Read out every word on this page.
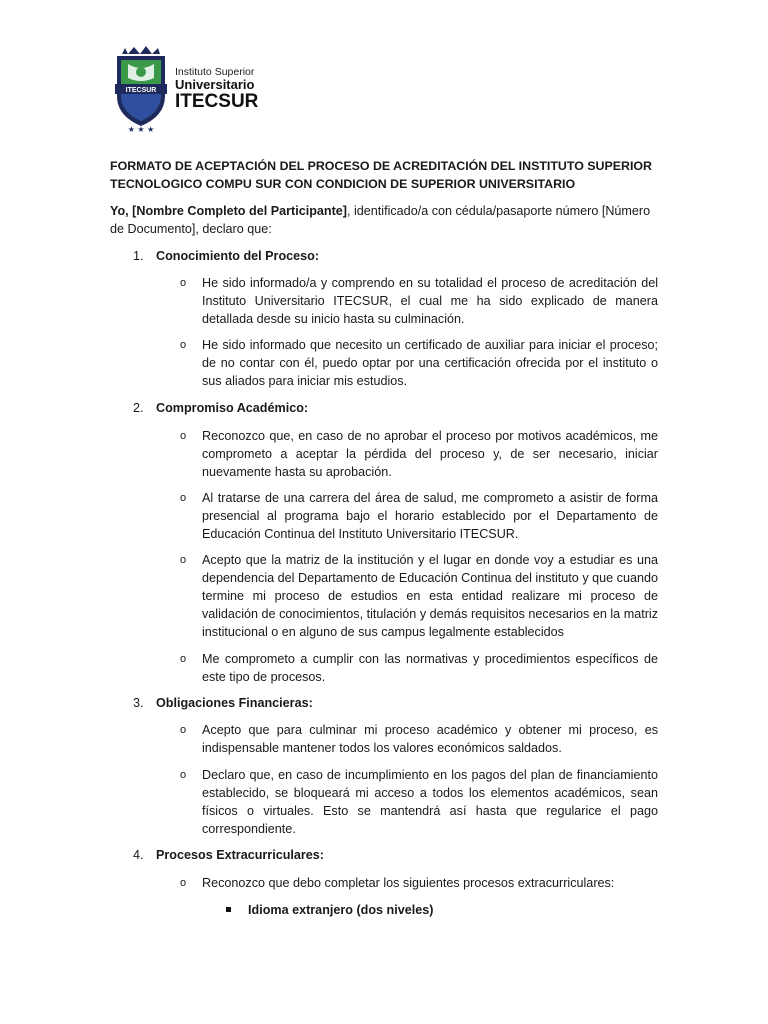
ITECSUR
★ ★ ★
Instituto Superior
Universitario
ITECSUR
FORMATO DE ACEPTACIÓN DEL PROCESO DE ACREDITACIÓN DEL INSTITUTO SUPERIOR TECNOLOGICO COMPU SUR CON CONDICION DE SUPERIOR UNIVERSITARIO
Yo, [Nombre Completo del Participante], identificado/a con cédula/pasaporte número [Número de Documento], declaro que:
1. Conocimiento del Proceso:
o He sido informado/a y comprendo en su totalidad el proceso de acreditación del Instituto Universitario ITECSUR, el cual me ha sido explicado de manera detallada desde su inicio hasta su culminación.
o He sido informado que necesito un certificado de auxiliar para iniciar el proceso; de no contar con él, puedo optar por una certificación ofrecida por el instituto o sus aliados para iniciar mis estudios.
2. Compromiso Académico:
o Reconozco que, en caso de no aprobar el proceso por motivos académicos, me comprometo a aceptar la pérdida del proceso y, de ser necesario, iniciar nuevamente hasta su aprobación.
o Al tratarse de una carrera del área de salud, me comprometo a asistir de forma presencial al programa bajo el horario establecido por el Departamento de Educación Continua del Instituto Universitario ITECSUR.
o Acepto que la matriz de la institución y el lugar en donde voy a estudiar es una dependencia del Departamento de Educación Continua del instituto y que cuando termine mi proceso de estudios en esta entidad realizare mi proceso de validación de conocimientos, titulación y demás requisitos necesarios en la matriz institucional o en alguno de sus campus legalmente establecidos
o Me comprometo a cumplir con las normativas y procedimientos específicos de este tipo de procesos.
3. Obligaciones Financieras:
o Acepto que para culminar mi proceso académico y obtener mi proceso, es indispensable mantener todos los valores económicos saldados.
o Declaro que, en caso de incumplimiento en los pagos del plan de financiamiento establecido, se bloqueará mi acceso a todos los elementos académicos, sean físicos o virtuales. Esto se mantendrá así hasta que regularice el pago correspondiente.
4. Procesos Extracurriculares:
o Reconozco que debo completar los siguientes procesos extracurriculares:
Idioma extranjero (dos niveles)
